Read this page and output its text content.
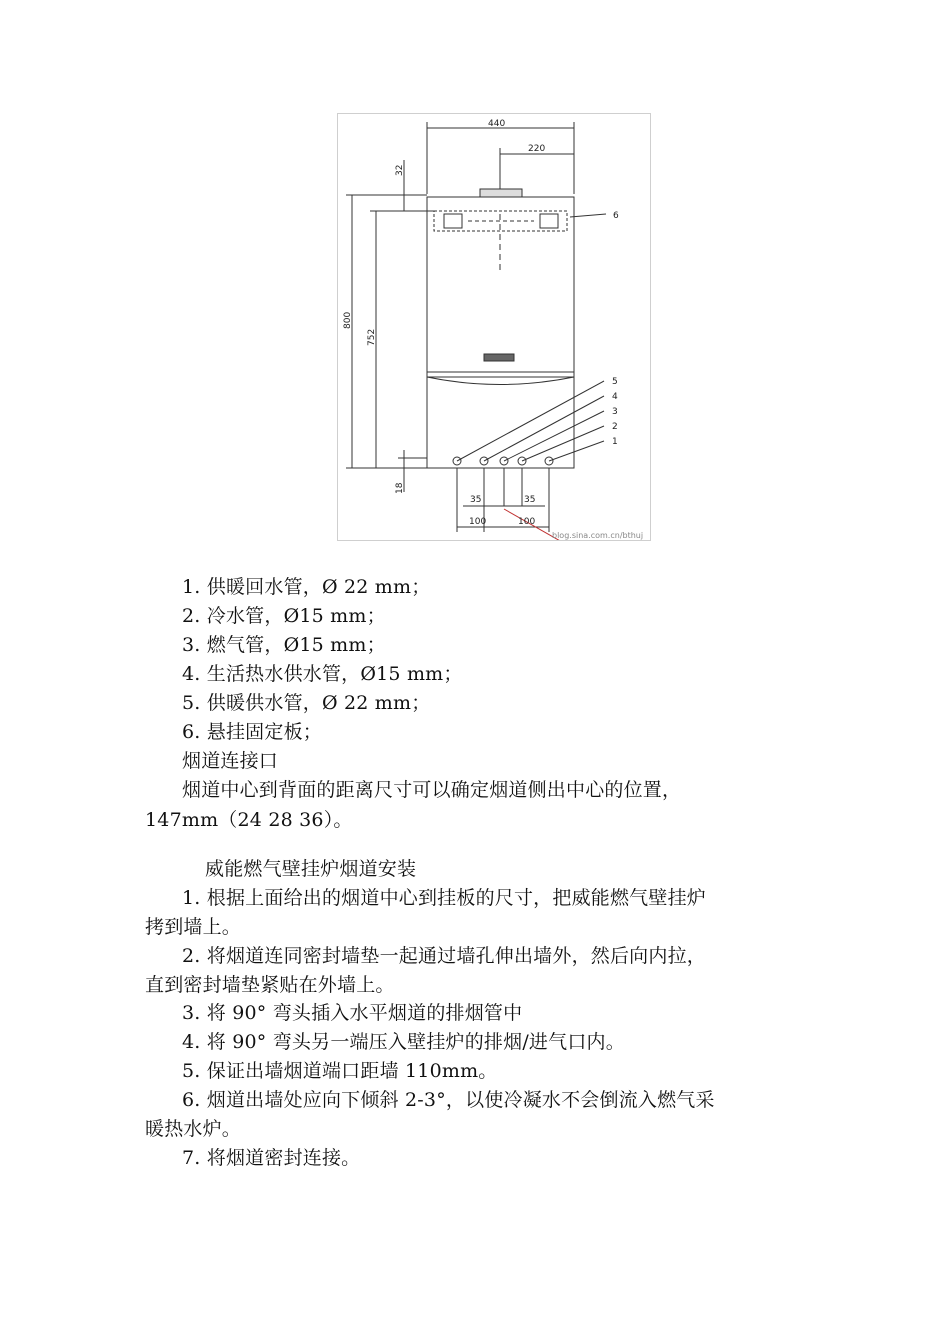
440
220
32
800
752
18
35	35
100	100
6
5
4
3
2
1
blog.sina.com.cn/bthuj
1. 供暖回水管，Ø 22 mm；
2. 冷水管，Ø15 mm；
3. 燃气管，Ø15 mm；
4. 生活热水供水管，Ø15 mm；
5. 供暖供水管，Ø 22 mm；
6. 悬挂固定板；
烟道连接口
烟道中心到背面的距离尺寸可以确定烟道侧出中心的位置，
147mm（24 28 36）。
威能燃气壁挂炉烟道安装
1. 根据上面给出的烟道中心到挂板的尺寸，把威能燃气壁挂炉
拷到墙上。
2. 将烟道连同密封墙垫一起通过墙孔伸出墙外，然后向内拉，
直到密封墙垫紧贴在外墙上。
3. 将 90° 弯头插入水平烟道的排烟管中
4. 将 90° 弯头另一端压入壁挂炉的排烟/进气口内。
5. 保证出墙烟道端口距墙 110mm。
6. 烟道出墙处应向下倾斜 2-3°，以使冷凝水不会倒流入燃气采
暖热水炉。
7. 将烟道密封连接。
